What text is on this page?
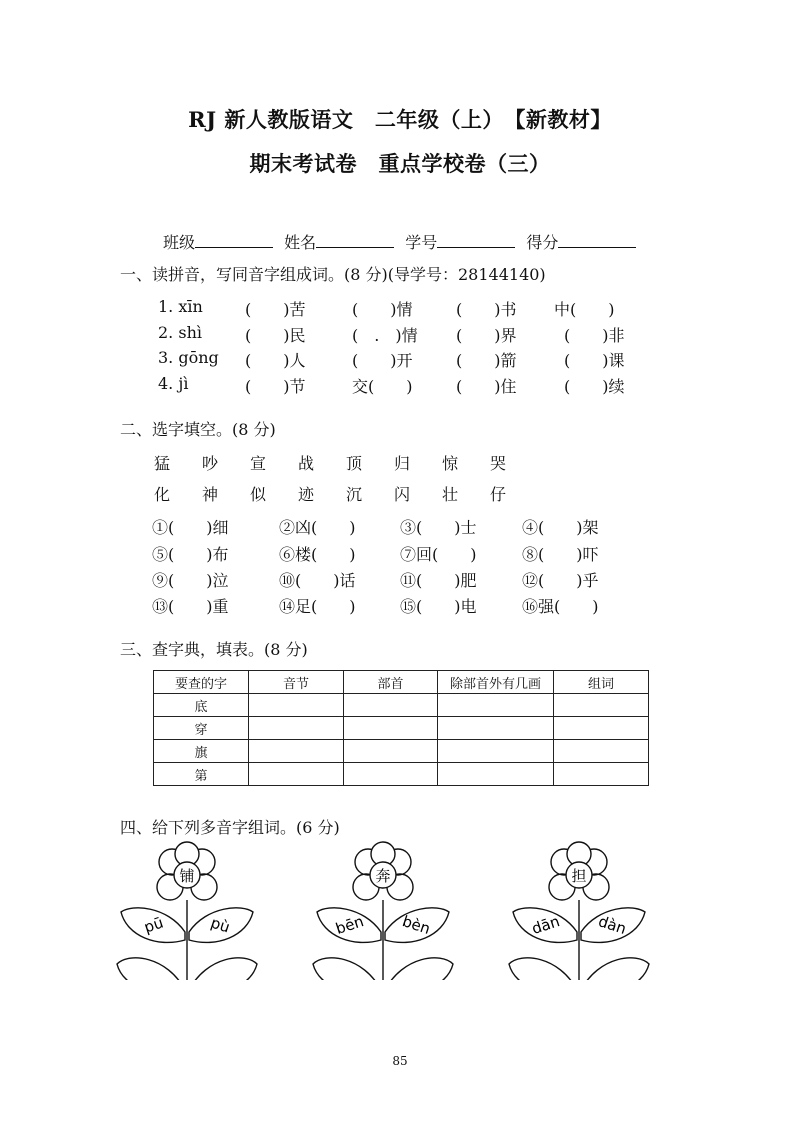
RJ 新人教版语文　二年级（上）　【新教材】
期末考试卷　重点学校卷（三）
班级	姓名	学号	得分
一、读拼音，写同音字组成词。(8 分)(导学号：28144140)
1. xīn	(　　)苦	(　　)情	(　　)书 中(　　)
2. shì	(　　)民	(　.　)情 (　　)界	(　　)非
3. gōng (　　)人	(　　)开	(　　)箭	(　　)课
4. jì	(　　)节	交(　　)	(　　)住	(　　)续
二、选字填空。(8 分)
猛 吵 宣 战 顶 归 惊 哭
化 神 似 迹 沉 闪 壮 仔
①(　　)细	②凶(　　)	③(　　)士	④(　　)架
⑤(　　)布	⑥楼(　　)	⑦回(　　)	⑧(　　)吓
⑨(　　)泣	⑩(　　)话	⑪(　　)肥	⑫(　　)乎
⑬(　　)重	⑭足(　　)	⑮(　　)电	⑯强(　　)
三、查字典，填表。(8 分)
要查的字	音节	部首	除部首外有几画	组词
底				
穿				
旗				
第				
四、给下列多音字组词。(6 分)
铺
pū	pù
奔
bēn bèn
担
dān dàn
85
